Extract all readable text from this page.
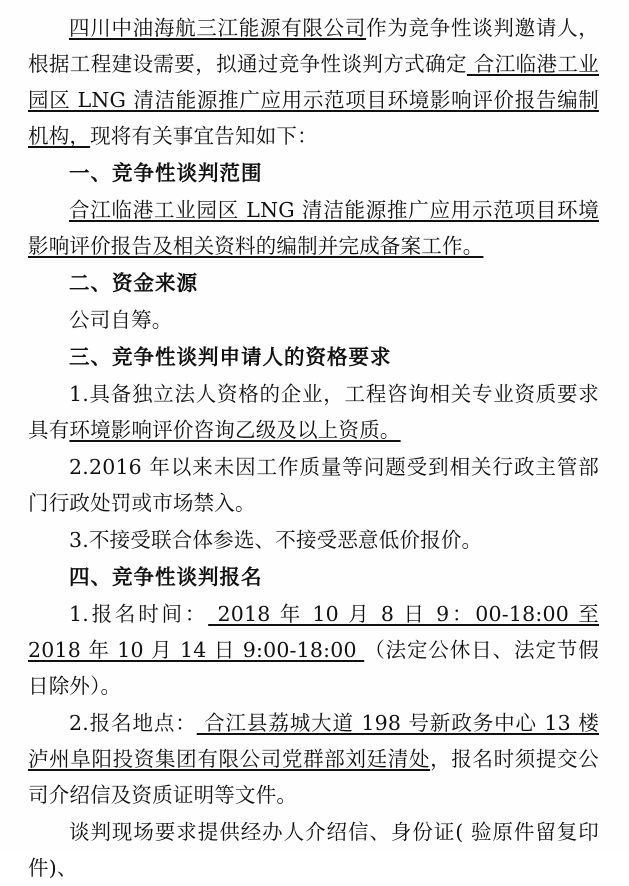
四川中油海航三江能源有限公司作为竞争性谈判邀请人，根据工程建设需要，拟通过竞争性谈判方式确定 合江临港工业园区 LNG 清洁能源推广应用示范项目环境影响评价报告编制机构，现将有关事宜告知如下：

一、竞争性谈判范围

合江临港工业园区 LNG 清洁能源推广应用示范项目环境影响评价报告及相关资料的编制并完成备案工作。

二、资金来源

公司自筹。

三、竞争性谈判申请人的资格要求

1.具备独立法人资格的企业，工程咨询相关专业资质要求具有环境影响评价咨询乙级及以上资质。

2.2016 年以来未因工作质量等问题受到相关行政主管部门行政处罚或市场禁入。

3.不接受联合体参选、不接受恶意低价报价。

四、竞争性谈判报名

1.报名时间： 2018 年 10 月 8 日 9：00-18:00 至 2018 年 10 月 14 日 9:00-18:00 （法定公休日、法定节假日除外）。

2.报名地点： 合江县荔城大道 198 号新政务中心 13 楼泸州阜阳投资集团有限公司党群部刘廷清处，报名时须提交公司介绍信及资质证明等文件。

谈判现场要求提供经办人介绍信、身份证( 验原件留复印件)、
